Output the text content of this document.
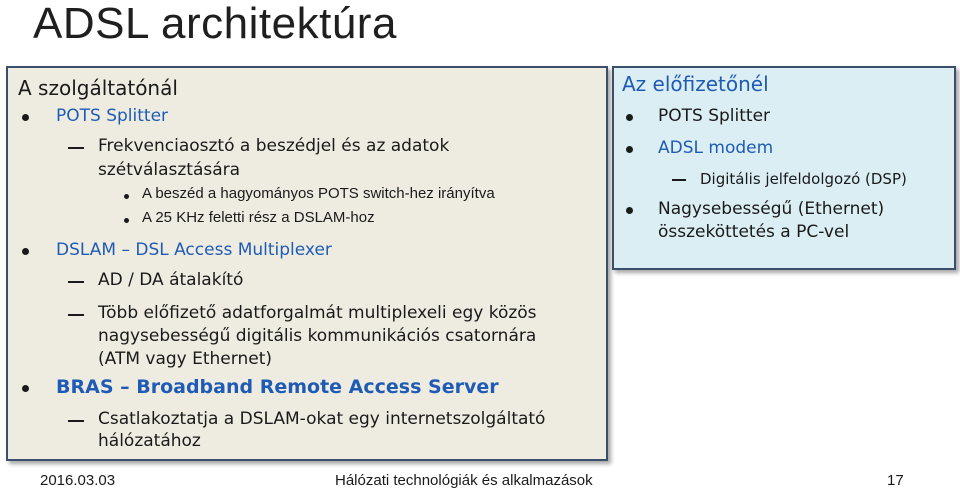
ADSL architektúra
A szolgáltatónál
POTS Splitter
Frekvenciaosztó a beszédjel és az adatok
szétválasztására
A beszéd a hagyományos POTS switch-hez irányítva
A 25 KHz feletti rész a DSLAM-hoz
DSLAM – DSL Access Multiplexer
AD / DA átalakító
Több előfizető adatforgalmát multiplexeli egy közös
nagysebességű digitális kommunikációs csatornára
(ATM vagy Ethernet)
BRAS – Broadband Remote Access Server
Csatlakoztatja a DSLAM-okat egy internetszolgáltató
hálózatához
Az előfizetőnél
POTS Splitter
ADSL modem
Digitális jelfeldolgozó (DSP)
Nagysebességű (Ethernet)
összeköttetés a PC-vel
2016.03.03	Hálózati technológiák és alkalmazások	17
